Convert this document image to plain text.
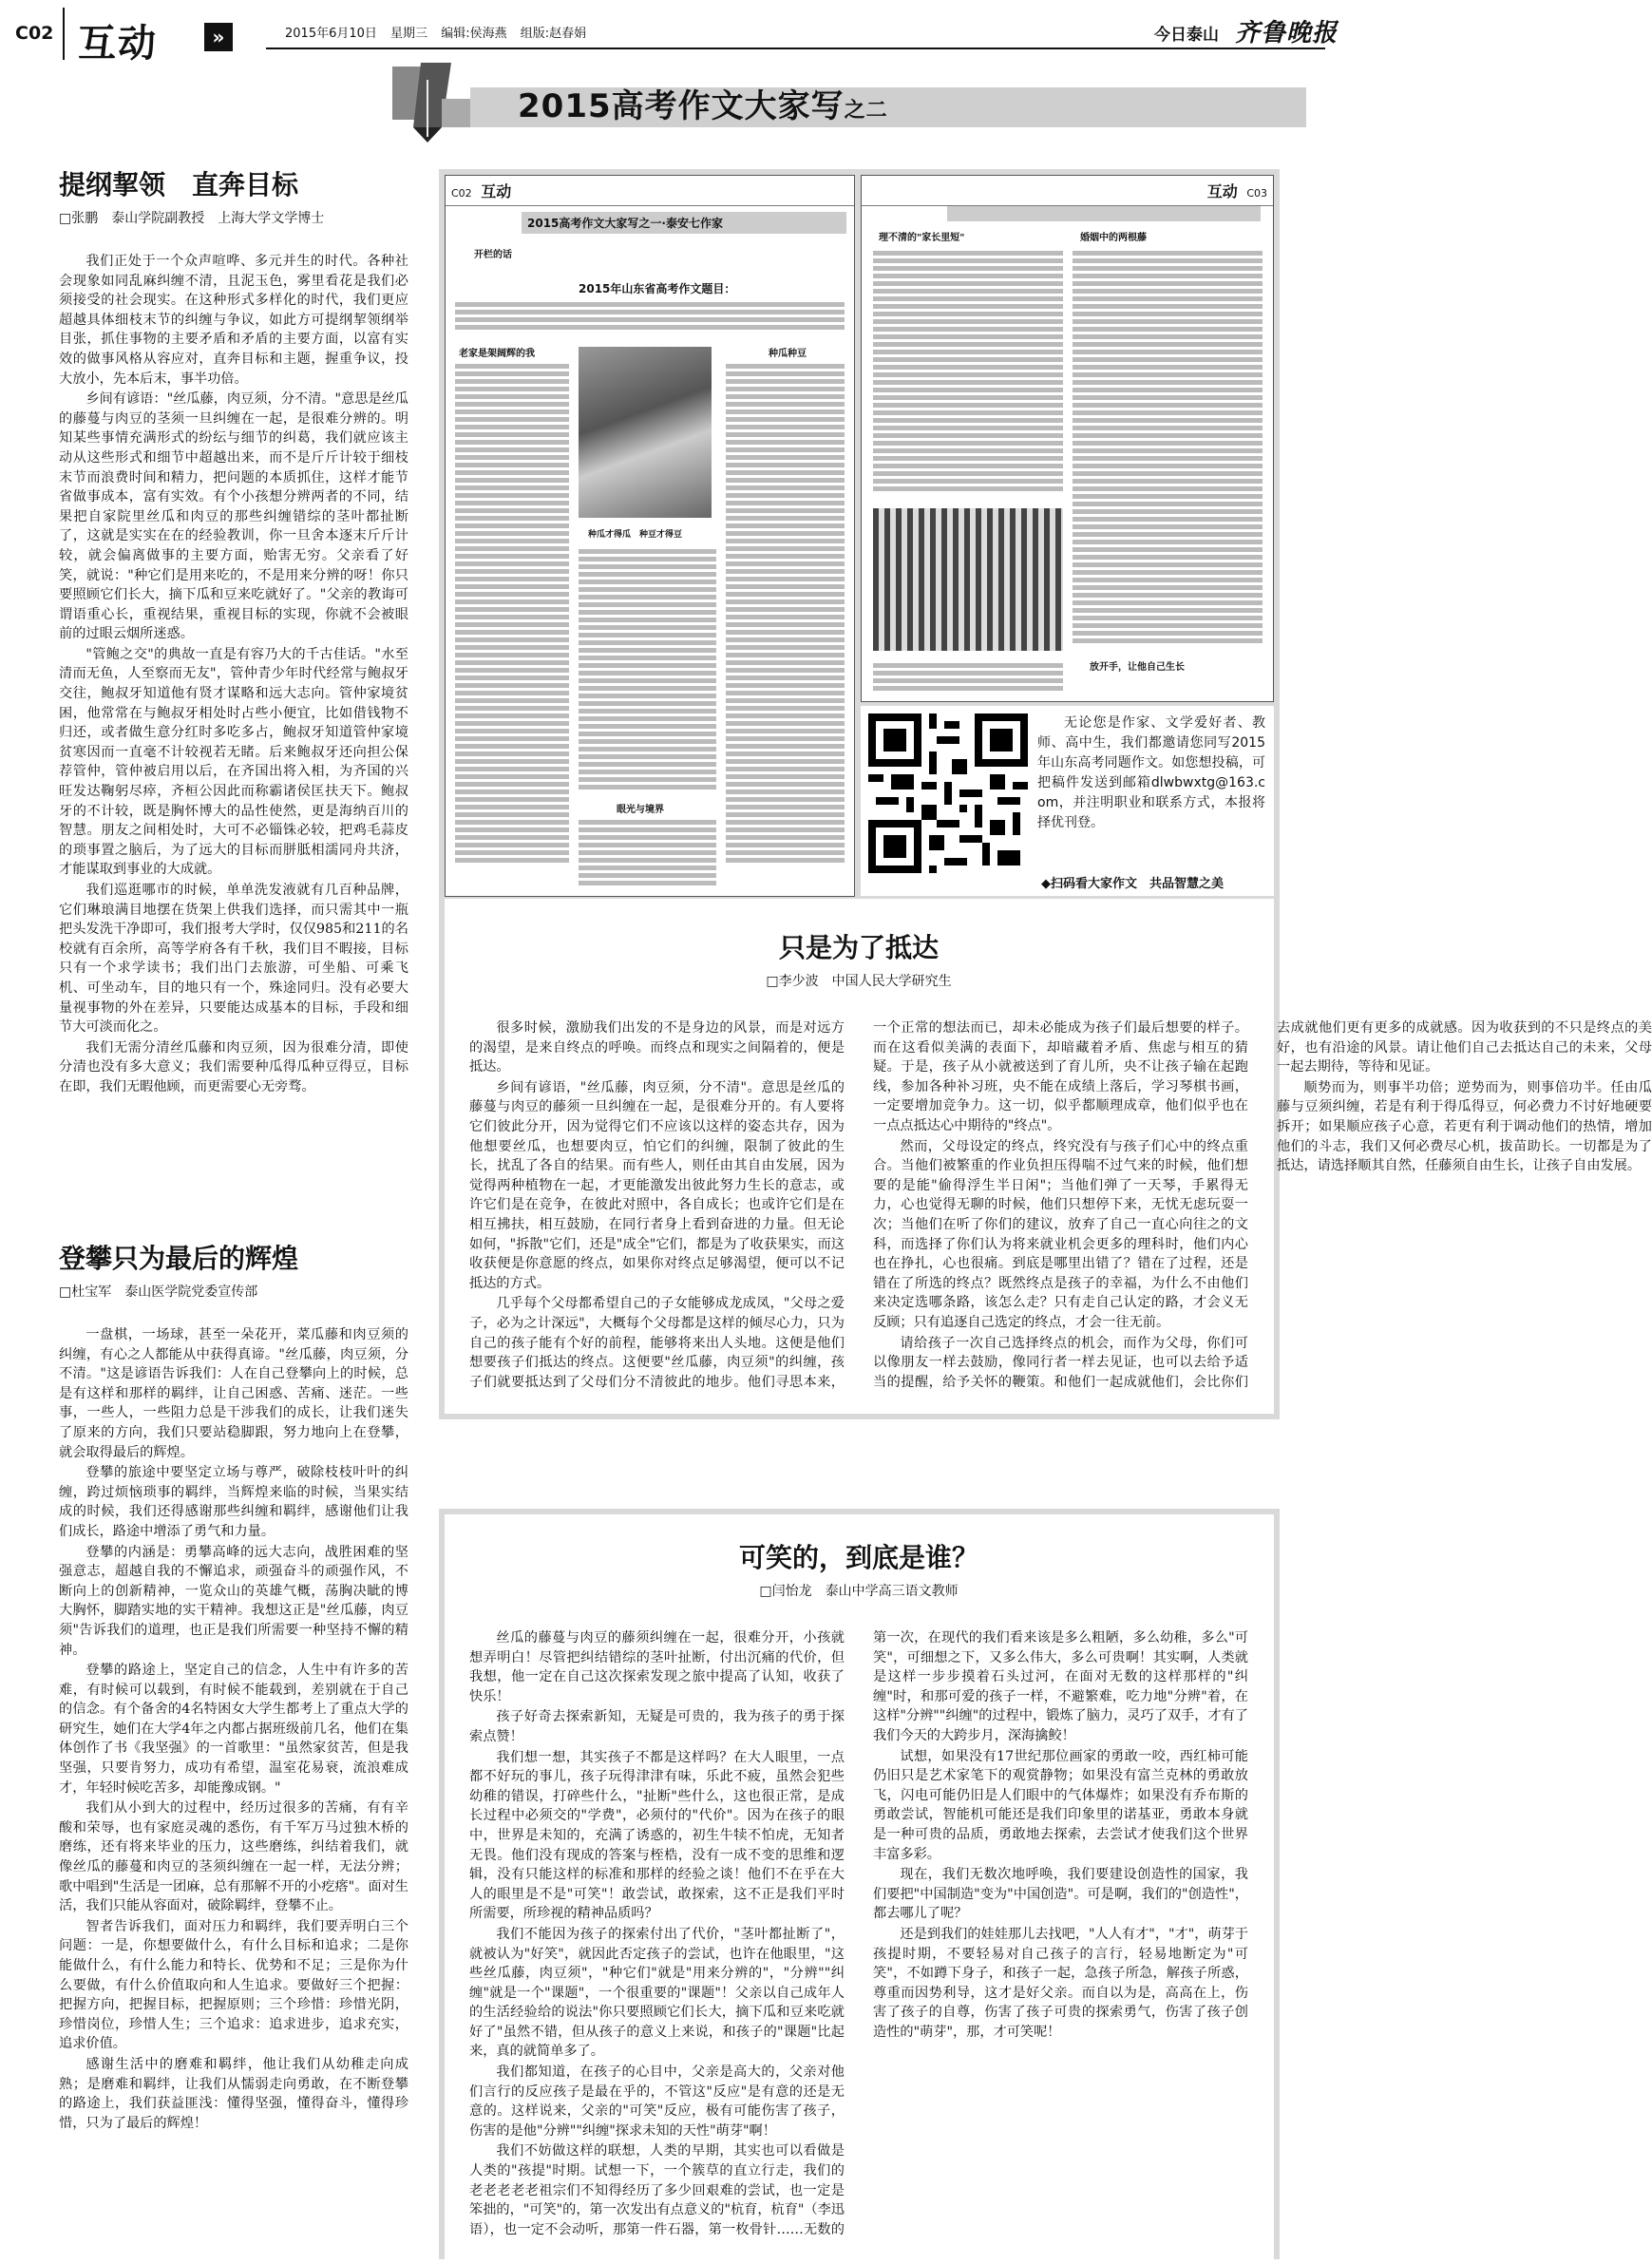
C02 互动	»	2015年6月10日 星期三 编辑:侯海燕 组版:赵春娟	今日泰山 齐鲁晚报
2015高考作文大家写之二
提纲挈领　直奔目标
□张鹏　泰山学院副教授　上海大学文学博士
我们正处于一个众声喧哗、多元并生的时代。各种社会现象如同乱麻纠缠不清，且泥玉色，雾里看花是我们必须接受的社会现实。在这种形式多样化的时代，我们更应超越具体细枝末节的纠缠与争议，如此方可提纲挈领纲举目张，抓住事物的主要矛盾和矛盾的主要方面，以富有实效的做事风格从容应对，直奔目标和主题，握重争议，投大放小，先本后末，事半功倍。
乡间有谚语："丝瓜藤，肉豆须，分不清。"意思是丝瓜的藤蔓与肉豆的茎须一旦纠缠在一起，是很难分辨的。明知某些事情充满形式的纷纭与细节的纠葛，我们就应该主动从这些形式和细节中超越出来，而不是斤斤计较于细枝末节而浪费时间和精力，把问题的本质抓住，这样才能节省做事成本，富有实效。有个小孩想分辨两者的不同，结果把自家院里丝瓜和肉豆的那些纠缠错综的茎叶都扯断了，这就是实实在在的经验教训，你一旦舍本逐末斤斤计较，就会偏离做事的主要方面，贻害无穷。父亲看了好笑，就说："种它们是用来吃的，不是用来分辨的呀！你只要照顾它们长大，摘下瓜和豆来吃就好了。"父亲的教诲可谓语重心长，重视结果，重视目标的实现，你就不会被眼前的过眼云烟所迷惑。
"管鲍之交"的典故一直是有容乃大的千古佳话。"水至清而无鱼，人至察而无友"，管仲青少年时代经常与鲍叔牙交往，鲍叔牙知道他有贤才谋略和远大志向。管仲家境贫困，他常常在与鲍叔牙相处时占些小便宜，比如借钱物不归还，或者做生意分红时多吃多占，鲍叔牙知道管仲家境贫寒因而一直毫不计较视若无睹。后来鲍叔牙还向担公保荐管仲，管仲被启用以后，在齐国出将入相，为齐国的兴旺发达鞠躬尽瘁，齐桓公因此而称霸诸侯匡扶天下。鲍叔牙的不计较，既是胸怀博大的品性使然，更是海纳百川的智慧。朋友之间相处时，大可不必锱铢必较，把鸡毛蒜皮的琐事置之脑后，为了远大的目标而胼胝相濡同舟共济，才能谋取到事业的大成就。
我们巡逛哪市的时候，单单洗发液就有几百种品牌，它们琳琅满目地摆在货架上供我们选择，而只需其中一瓶把头发洗干净即可，我们报考大学时，仅仅985和211的名校就有百余所，高等学府各有千秋，我们目不暇接，目标只有一个求学读书；我们出门去旅游，可坐船、可乘飞机、可坐动车，目的地只有一个，殊途同归。没有必要大量视事物的外在差异，只要能达成基本的目标，手段和细节大可淡而化之。
我们无需分清丝瓜藤和肉豆须，因为很难分清，即使分清也没有多大意义；我们需要种瓜得瓜种豆得豆，目标在即，我们无暇他顾，而更需要心无旁骛。
登攀只为最后的辉煌
□杜宝军　泰山医学院党委宣传部
一盘棋，一场球，甚至一朵花开，菜瓜藤和肉豆须的纠缠，有心之人都能从中获得真谛。"丝瓜藤，肉豆须，分不清。"这是谚语告诉我们：人在自己登攀向上的时候，总是有这样和那样的羁绊，让自己困惑、苦痛、迷茫。一些事，一些人，一些阻力总是干涉我们的成长，让我们迷失了原来的方向，我们只要站稳脚跟，努力地向上在登攀，就会取得最后的辉煌。
登攀的旅途中要坚定立场与尊严，破除枝枝叶叶的纠缠，跨过烦恼琐事的羁绊，当辉煌来临的时候，当果实结成的时候，我们还得感谢那些纠缠和羁绊，感谢他们让我们成长，路途中增添了勇气和力量。
登攀的内涵是：勇攀高峰的远大志向，战胜困难的坚强意志，超越自我的不懈追求，顽强奋斗的顽强作风，不断向上的创新精神，一览众山的英雄气概，荡胸决眦的博大胸怀，脚踏实地的实干精神。我想这正是"丝瓜藤，肉豆须"告诉我们的道理，也正是我们所需要一种坚持不懈的精神。
登攀的路途上，坚定自己的信念，人生中有许多的苦难，有时候可以载到，有时候不能载到，差别就在于自己的信念。有个备舍的4名特困女大学生都考上了重点大学的研究生，她们在大学4年之内都占据班级前几名，他们在集体创作了书《我坚强》的一首歌里："虽然家贫苦，但是我坚强，只要肯努力，成功有希望，温室花易衰，流浪难成才，年轻时候吃苦多，却能豫成钢。"
我们从小到大的过程中，经历过很多的苦痛，有有辛酸和荣辱，也有家庭灵魂的悉伤，有千军万马过独木桥的磨练，还有将来毕业的压力，这些磨练，纠结着我们，就像丝瓜的藤蔓和肉豆的茎须纠缠在一起一样，无法分辨；歌中唱到"生活是一团麻，总有那解不开的小疙瘩"。面对生活，我们只能从容面对，破除羁绊，登攀不止。
智者告诉我们，面对压力和羁绊，我们要弄明白三个问题：一是，你想要做什么，有什么目标和追求；二是你能做什么，有什么能力和特长、优势和不足；三是你为什么要做，有什么价值取向和人生追求。要做好三个把握：把握方向，把握目标，把握原则；三个珍惜：珍惜光阴，珍惜岗位，珍惜人生；三个追求：追求进步，追求充实，追求价值。
感谢生活中的磨难和羁绊，他让我们从幼稚走向成熟；是磨难和羁绊，让我们从懦弱走向勇敢，在不断登攀的路途上，我们获益匪浅：懂得坚强，懂得奋斗，懂得珍惜，只为了最后的辉煌！
C02 互动
2015高考作文大家写之一·泰安七作家
开栏的话
2015年山东省高考作文题目：
老家是架阔辉的我	种瓜种豆
种瓜才得瓜　种豆才得豆
眼光与境界
互动 C03
理不清的"家长里短"	婚姻中的两根藤
放开手，让他自己生长
无论您是作家、文学爱好者、教师、高中生，我们都邀请您同写2015年山东高考同题作文。如您想投稿，可把稿件发送到邮箱dlwbwxtg@163.com，并注明职业和联系方式，本报将择优刊登。
◆扫码看大家作文　共品智慧之美
只是为了抵达
□李少波　中国人民大学研究生
很多时候，激励我们出发的不是身边的风景，而是对远方的渴望，是来自终点的呼唤。而终点和现实之间隔着的，便是抵达。
乡间有谚语，"丝瓜藤，肉豆须，分不清"。意思是丝瓜的藤蔓与肉豆的藤须一旦纠缠在一起，是很难分开的。有人要将它们彼此分开，因为觉得它们不应该以这样的姿态共存，因为他想要丝瓜，也想要肉豆，怕它们的纠缠，限制了彼此的生长，扰乱了各自的结果。而有些人，则任由其自由发展，因为觉得两种植物在一起，才更能激发出彼此努力生长的意志，或许它们是在竞争，在彼此对照中，各自成长；也或许它们是在相互拂扶，相互鼓励，在同行者身上看到奋进的力量。但无论如何，"拆散"它们，还是"成全"它们，都是为了收获果实，而这收获便是你意愿的终点，如果你对终点足够渴望，便可以不记抵达的方式。
几乎每个父母都希望自己的子女能够成龙成凤，"父母之爱子，必为之计深远"，大概每个父母都是这样的倾尽心力，只为自己的孩子能有个好的前程，能够将来出人头地。这便是他们想要孩子们抵达的终点。这便要"丝瓜藤，肉豆须"的纠缠，孩子们就要抵达到了父母们分不清彼此的地步。他们寻思本来，一个正常的想法而已，却未必能成为孩子们最后想要的样子。而在这看似美满的表面下，却暗藏着矛盾、焦虑与相互的猜疑。于是，孩子从小就被送到了育儿所，央不让孩子输在起跑线，参加各种补习班，央不能在成绩上落后，学习琴棋书画，一定要增加竞争力。这一切，似乎都顺理成章，他们似乎也在一点点抵达心中期待的"终点"。
然而，父母设定的终点，终究没有与孩子们心中的终点重合。当他们被繁重的作业负担压得喘不过气来的时候，他们想要的是能"偷得浮生半日闲"；当他们弹了一天琴，手累得无力，心也觉得无聊的时候，他们只想停下来，无忧无虑玩耍一次；当他们在听了你们的建议，放弃了自己一直心向往之的文科，而选择了你们认为将来就业机会更多的理科时，他们内心也在挣扎，心也很痛。到底是哪里出错了？错在了过程，还是错在了所选的终点？既然终点是孩子的幸福，为什么不由他们来决定选哪条路，该怎么走？只有走自己认定的路，才会义无反顾；只有追逐自己选定的终点，才会一往无前。
请给孩子一次自己选择终点的机会，而作为父母，你们可以像朋友一样去鼓励，像同行者一样去见证，也可以去给予适当的提醒，给予关怀的鞭策。和他们一起成就他们，会比你们去成就他们更有更多的成就感。因为收获到的不只是终点的美好，也有沿途的风景。请让他们自己去抵达自己的未来，父母一起去期待，等待和见证。
顺势而为，则事半功倍；逆势而为，则事倍功半。任由瓜藤与豆须纠缠，若是有利于得瓜得豆，何必费力不讨好地硬要拆开；如果顺应孩子心意，若更有利于调动他们的热情，增加他们的斗志，我们又何必费尽心机，拔苗助长。一切都是为了抵达，请选择顺其自然，任藤须自由生长，让孩子自由发展。
可笑的，到底是谁？
□闫怡龙　泰山中学高三语文教师
丝瓜的藤蔓与肉豆的藤须纠缠在一起，很难分开，小孩就想弄明白！尽管把纠结错综的茎叶扯断，付出沉痛的代价，但我想，他一定在自己这次探索发现之旅中提高了认知，收获了快乐！
孩子好奇去探索新知，无疑是可贵的，我为孩子的勇于探索点赞！
我们想一想，其实孩子不都是这样吗？在大人眼里，一点都不好玩的事儿，孩子玩得津津有味，乐此不疲，虽然会犯些幼稚的错误，打碎些什么，"扯断"些什么，这也很正常，是成长过程中必须交的"学费"，必须付的"代价"。因为在孩子的眼中，世界是未知的，充满了诱惑的，初生牛犊不怕虎，无知者无畏。他们没有现成的答案与桎梏，没有一成不变的思维和逻辑，没有只能这样的标准和那样的经验之谈！他们不在乎在大人的眼里是不是"可笑"！敢尝试，敢探索，这不正是我们平时所需要，所珍视的精神品质吗？
我们不能因为孩子的探索付出了代价，"茎叶都扯断了"，就被认为"好笑"，就因此否定孩子的尝试，也许在他眼里，"这些丝瓜藤，肉豆须"，"种它们"就是"用来分辨的"，"分辨""纠缠"就是一个"课题"，一个很重要的"课题"！父亲以自己成年人的生活经验给的说法"你只要照顾它们长大，摘下瓜和豆来吃就好了"虽然不错，但从孩子的意义上来说，和孩子的"课题"比起来，真的就简单多了。
我们都知道，在孩子的心目中，父亲是高大的，父亲对他们言行的反应孩子是最在乎的，不管这"反应"是有意的还是无意的。这样说来，父亲的"可笑"反应，极有可能伤害了孩子，伤害的是他"分辨""纠缠"探求未知的天性"萌芽"啊！
我们不妨做这样的联想，人类的早期，其实也可以看做是人类的"孩提"时期。试想一下，一个簇草的直立行走，我们的老老老老老祖宗们不知得经历了多少回艰难的尝试，也一定是笨拙的，"可笑"的，第一次发出有点意义的"杭育，杭育"（李迅语），也一定不会动听，那第一件石器，第一枚骨针……无数的第一次，在现代的我们看来该是多么粗陋，多么幼稚，多么"可笑"，可细想之下，又多么伟大，多么可贵啊！其实啊，人类就是这样一步步摸着石头过河，在面对无数的这样那样的"纠缠"时，和那可爱的孩子一样，不避繁难，吃力地"分辨"着，在这样"分辨""纠缠"的过程中，锻炼了脑力，灵巧了双手，才有了我们今天的大跨步月，深海擒鲛！
试想，如果没有17世纪那位画家的勇敢一咬，西红柿可能仍旧只是艺术家笔下的观赏静物；如果没有富兰克林的勇敢放飞，闪电可能仍旧是人们眼中的气体爆炸；如果没有乔布斯的勇敢尝试，智能机可能还是我们印象里的诺基亚，勇敢本身就是一种可贵的品质，勇敢地去探索，去尝试才使我们这个世界丰富多彩。
现在，我们无数次地呼唤，我们要建设创造性的国家，我们要把"中国制造"变为"中国创造"。可是啊，我们的"创造性"，都去哪儿了呢？
还是到我们的娃娃那儿去找吧，"人人有才"，"才"，萌芽于孩提时期，不要轻易对自己孩子的言行，轻易地断定为"可笑"，不如蹲下身子，和孩子一起，急孩子所急，解孩子所惑，尊重而因势利导，这才是好父亲。而自以为是，高高在上，伤害了孩子的自尊，伤害了孩子可贵的探索勇气，伤害了孩子创造性的"萌芽"，那，才可笑呢！
